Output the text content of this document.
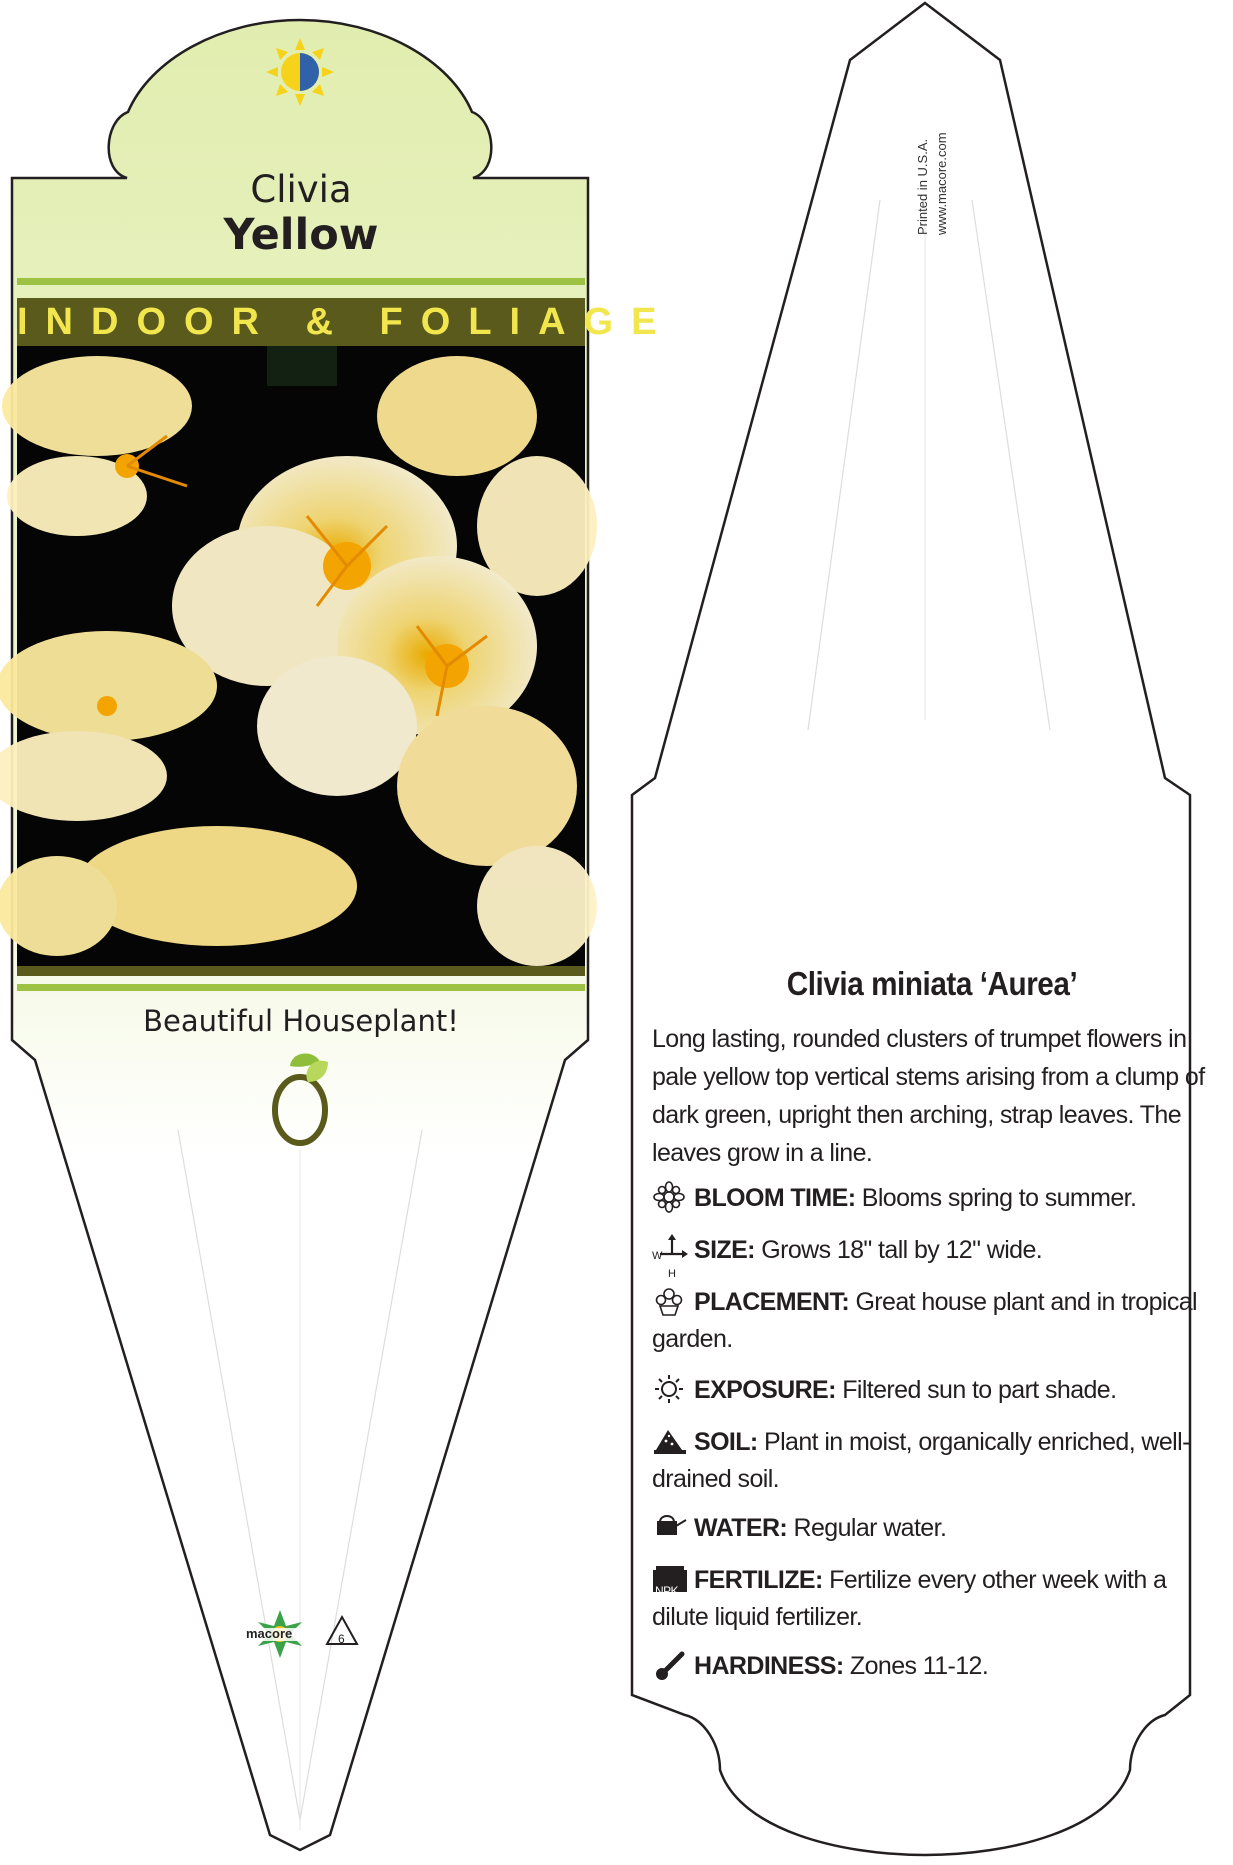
Clivia
Yellow
INDOOR & FOLIAGE
Beautiful Houseplant!
macore	6
Printed in U.S.A. www.macore.com
Clivia miniata ‘Aurea’
Long lasting, rounded clusters of trumpet flowers in pale yellow top vertical stems arising from a clump of dark green, upright then arching, strap leaves. The leaves grow in a line.
BLOOM TIME: Blooms spring to summer.
W
H
SIZE: Grows 18" tall by 12" wide.
PLACEMENT: Great house plant and in tropical garden.
EXPOSURE: Filtered sun to part shade.
SOIL: Plant in moist, organically enriched, well-drained soil.
WATER: Regular water.
NPK FERTILIZE: Fertilize every other week with a dilute liquid fertilizer.
HARDINESS: Zones 11-12.
